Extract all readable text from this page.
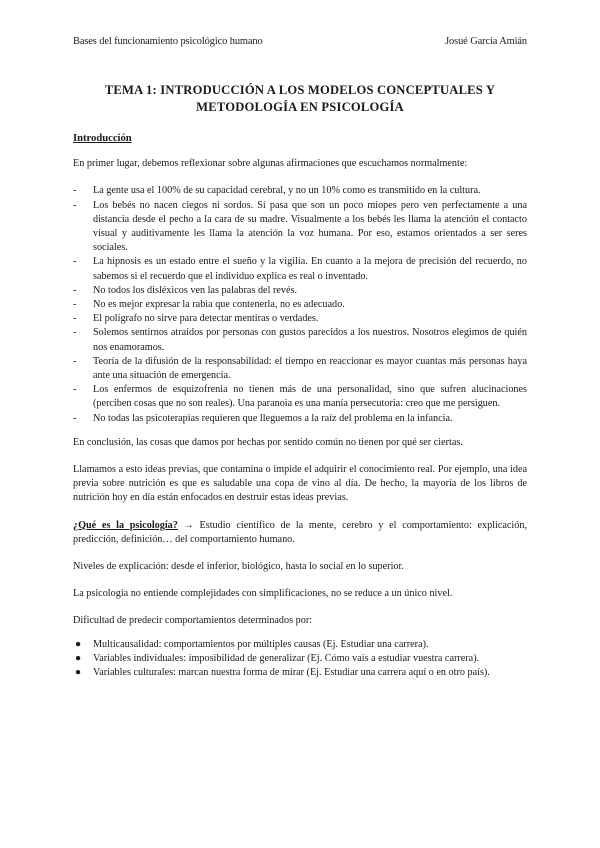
Bases del funcionamiento psicológico humano	Josué García Amián
TEMA 1: INTRODUCCIÓN A LOS MODELOS CONCEPTUALES Y
METODOLOGÍA EN PSICOLOGÍA
Introducción

En primer lugar, debemos reflexionar sobre algunas afirmaciones que escuchamos normalmente:

-	La gente usa el 100% de su capacidad cerebral, y no un 10% como es transmitido en la cultura.
-	Los bebés no nacen ciegos ni sordos. Sí pasa que son un poco miopes pero ven perfectamente a una distancia desde el pecho a la cara de su madre. Visualmente a los bebés les llama la atención el contacto visual y auditivamente les llama la atención la voz humana. Por eso, estamos orientados a ser seres sociales.
-	La hipnosis es un estado entre el sueño y la vigilia. En cuanto a la mejora de precisión del recuerdo, no sabemos si el recuerdo que el individuo explica es real o inventado.
-	No todos los disléxicos ven las palabras del revés.
-	No es mejor expresar la rabia que contenerla, no es adecuado.
-	El polígrafo no sirve para detectar mentiras o verdades.
-	Solemos sentirnos atraídos por personas con gustos parecidos a los nuestros. Nosotros elegimos de quién nos enamoramos.
-	Teoría de la difusión de la responsabilidad: el tiempo en reaccionar es mayor cuantas más personas haya ante una situación de emergencia.
-	Los enfermos de esquizofrenia no tienen más de una personalidad, sino que sufren alucinaciones (perciben cosas que no son reales). Una paranoia es una manía persecutoria: creo que me persiguen.
-	No todas las psicoterapias requieren que lleguemos a la raíz del problema en la infancia.

En conclusión, las cosas que damos por hechas por sentido común no tienen por qué ser ciertas.

Llamamos a esto ideas previas, que contamina o impide el adquirir el conocimiento real. Por ejemplo, una idea previa sobre nutrición es que es saludable una copa de vino al día. De hecho, la mayoría de los libros de nutrición hoy en día están enfocados en destruir estas ideas previas.

¿Qué es la psicología? → Estudio científico de la mente, cerebro y el comportamiento: explicación, predicción, definición… del comportamiento humano.

Niveles de explicación: desde el inferior, biológico, hasta lo social en lo superior.

La psicología no entiende complejidades con simplificaciones, no se reduce a un único nivel.

Dificultad de predecir comportamientos determinados por:

● Multicausalidad: comportamientos por múltiples causas (Ej. Estudiar una carrera).
● Variables individuales: imposibilidad de generalizar (Ej. Cómo vais a estudiar vuestra carrera).
● Variables culturales: marcan nuestra forma de mirar (Ej. Estudiar una carrera aquí o en otro país).
